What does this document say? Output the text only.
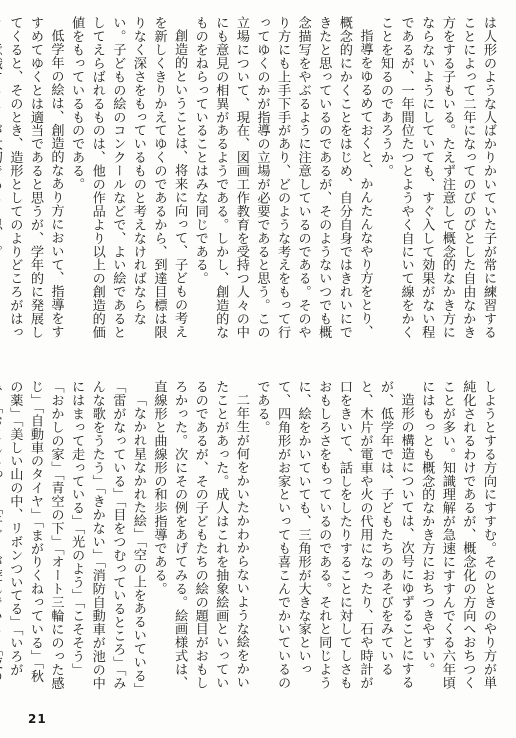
は人形のような人ばかりかいていた子が常に練習することによって二年になってのびのびとした自由なかき方をする子もいる。たえず注意して概念的なかき方にならないようにしていても、すぐ入して効果がない程であるが、一年間位たつとようやく自にいて線をかくことを知るのであろうか。

指導をゆるめておくと、かんたんなやり方をとり、概念的にかくことをはじめ、自分自身ではきれいにできたと思っているのであるが、そのようないつでも概念描写をやぶるように注意しているのである。そのやり方にも上手下手があり、どのような考えをもって行ってゆくのかが指導の立場が必要であると思う。この立場について、現在、図画工作教育を受持つ人々の中にも意見の相異があるようである。しかし、創造的なものをねらっていることはみな同じである。

創造的ということは、将来に向って、子どもの考えを新しくきりかえてゆくのであるから、到達目標は限りなく深さをもっているものと考えなければならない。子どもの絵のコンクールなどで、よい絵であるとしてえらばれるものは、他の作品より以上の創造的価値をもっているものである。

低学年の絵は、創造的なあり方において、指導をすすめてゆくとは適当であると思うが、学年的に発展してくると、そのとき、造形としてのよりどころがはっ

しようとする方向にすすむ。そのときのやり方が単純化されるわけであるが、概念化の方向へおちつくことが多い。知識理解が急速にすすんでくる六年頃にはもっとも概念的なかき方におちつきやすい。

造形の構造については、次号にゆずることにするが、低学年では、子どもたちのあそびをみていると、木片が電車や火の代用になったり、石や時計が口をきいて、話しをしたりすることに対してしさもおもしろさをもっているのである。それと同じように、絵をかいていても、三角形が大きな家といって、四角形がお家といっても喜こんでかいているのである。

二年生が何をかいたかわからないような絵をかいたことがあった。成人はこれを抽象絵画といっているのであるが、その子どもたちの絵の題目がおもしろかった。次にその例をあげてみる。絵画様式は、直線形と曲線形の和歩指導である。

「なかれ星なかれた絵」「空の上をあるいている」「雷がなっている」「目をつむっているところ」「みんな歌をうたう」「きかない」「消防自動車が池の中にはまって走っている」「光のよう」「こそそう」「おかしの家」「青空の下」「オート三輪にのった感じ」「自動車のタイヤ」「まがりくねっている」「秋の薬」「美しい山の中、リボンついてる」「いろが

21
